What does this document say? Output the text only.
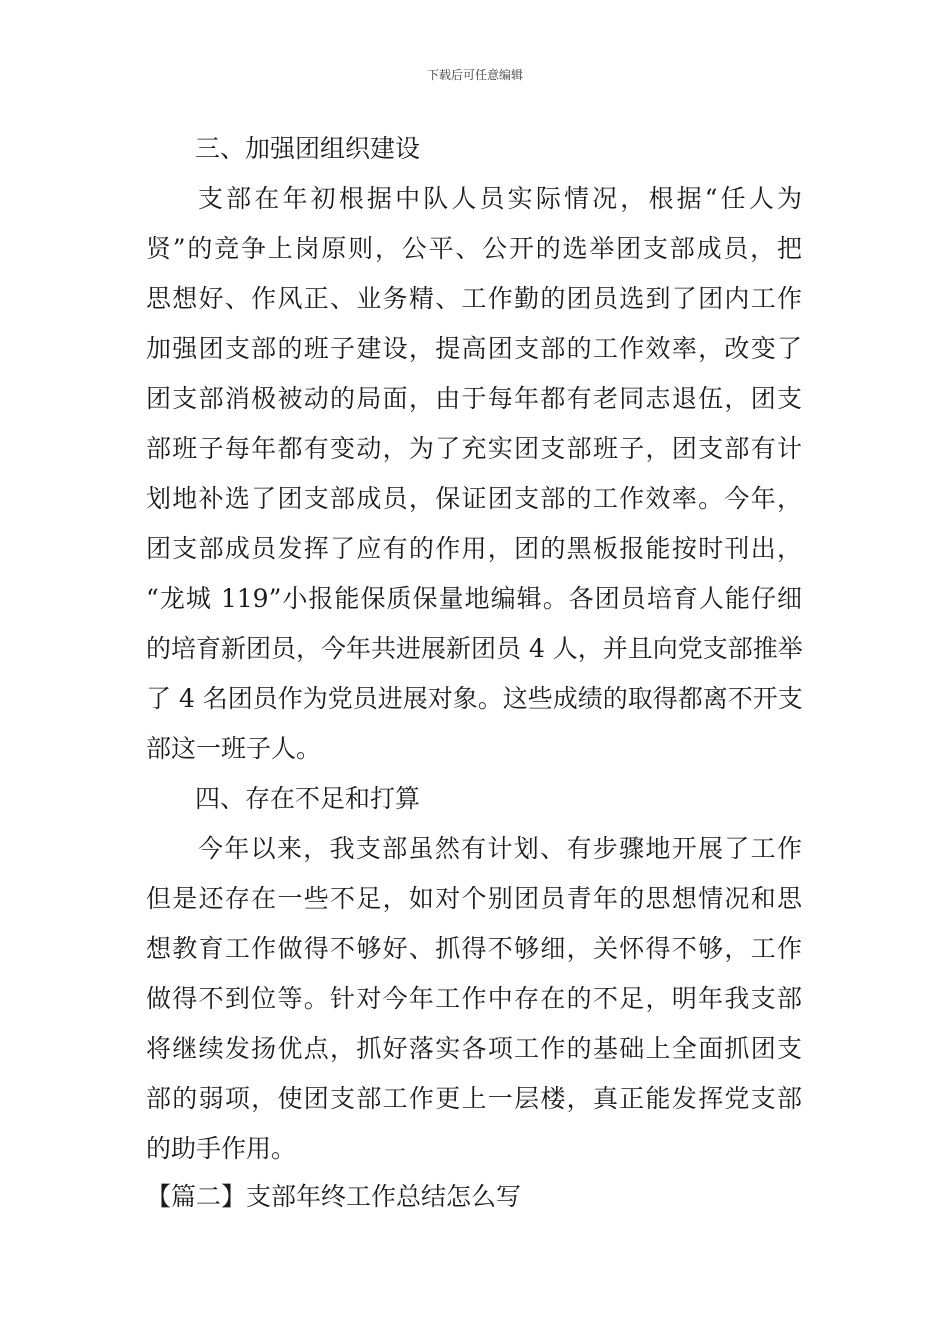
下载后可任意编辑
三、加强团组织建设
支部在年初根据中队人员实际情况，根据“任人为
贤”的竞争上岗原则，公平、公开的选举团支部成员，把
思想好、作风正、业务精、工作勤的团员选到了团内工作
加强团支部的班子建设，提高团支部的工作效率，改变了
团支部消极被动的局面，由于每年都有老同志退伍，团支
部班子每年都有变动，为了充实团支部班子，团支部有计
划地补选了团支部成员，保证团支部的工作效率。今年，
团支部成员发挥了应有的作用，团的黑板报能按时刊出，
“龙城 119”小报能保质保量地编辑。各团员培育人能仔细
的培育新团员，今年共进展新团员 4 人，并且向党支部推举
了 4 名团员作为党员进展对象。这些成绩的取得都离不开支
部这一班子人。
四、存在不足和打算
今年以来，我支部虽然有计划、有步骤地开展了工作
但是还存在一些不足，如对个别团员青年的思想情况和思
想教育工作做得不够好、抓得不够细，关怀得不够，工作
做得不到位等。针对今年工作中存在的不足，明年我支部
将继续发扬优点，抓好落实各项工作的基础上全面抓团支
部的弱项，使团支部工作更上一层楼，真正能发挥党支部
的助手作用。
【篇二】支部年终工作总结怎么写
